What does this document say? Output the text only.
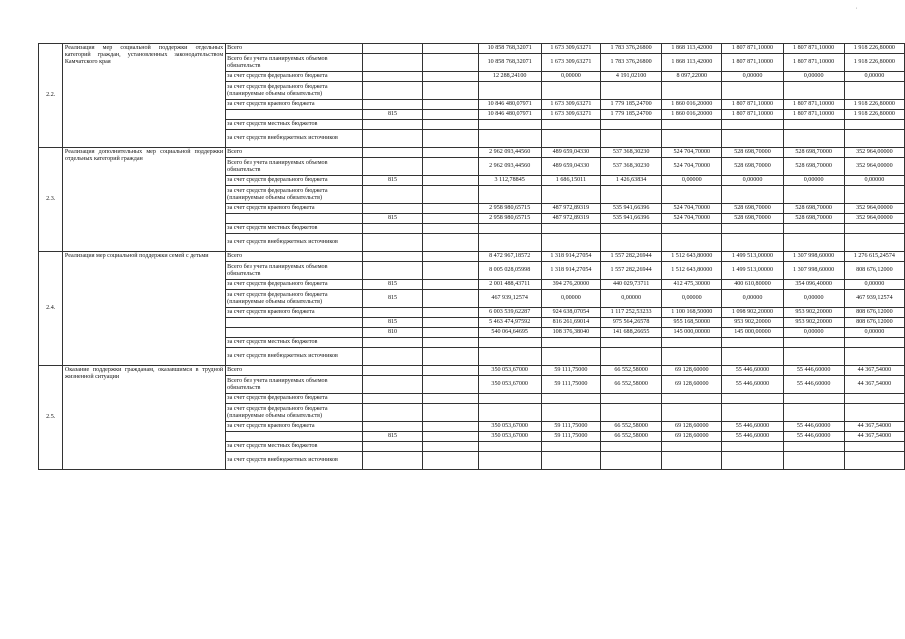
'
2.2.	Реализация мер социальной поддержки отдельных категорий граждан, установленных законодательством Камчатского края	Всего			10 858 768,32071	1 673 309,63271	1 783 376,26800	1 868 113,42000	1 807 871,10000	1 807 871,10000	1 918 226,80000
		Всего без учета планируемых объемов обязательств			10 858 768,32071	1 673 309,63271	1 783 376,26800	1 868 113,42000	1 807 871,10000	1 807 871,10000	1 918 226,80000
		за счет средств федерального бюджета			12 288,24100	0,00000	4 191,02100	8 097,22000	0,00000	0,00000	0,00000
		за счет средств федерального бюджета (планируемые объемы обязательств)									
		за счет средств краевого бюджета			10 846 480,07971	1 673 309,63271	1 779 185,24700	1 860 016,20000	1 807 871,10000	1 807 871,10000	1 918 226,80000
			815		10 846 480,07971	1 673 309,63271	1 779 185,24700	1 860 016,20000	1 807 871,10000	1 807 871,10000	1 918 226,80000
		за счет средств местных бюджетов									
		за счет средств внебюджетных источников									
2.3.	Реализация дополнительных мер социальной поддержки отдельных категорий граждан	Всего			2 962 093,44560	489 659,04330	537 368,30230	524 704,70000	528 698,70000	528 698,70000	352 964,00000
		Всего без учета планируемых объемов обязательств			2 962 093,44560	489 659,04330	537 368,30230	524 704,70000	528 698,70000	528 698,70000	352 964,00000
		за счет средств федерального бюджета	815		3 112,78845	1 686,15011	1 426,63834	0,00000	0,00000	0,00000	0,00000
		за счет средств федерального бюджета (планируемые объемы обязательств)									
		за счет средств краевого бюджета			2 958 980,65715	487 972,89319	535 941,66396	524 704,70000	528 698,70000	528 698,70000	352 964,00000
			815		2 958 980,65715	487 972,89319	535 941,66396	524 704,70000	528 698,70000	528 698,70000	352 964,00000
		за счет средств местных бюджетов									
		за счет средств внебюджетных источников									
2.4.	Реализация мер социальной поддержки семей с детьми	Всего			8 472 967,18572	1 318 914,27054	1 557 282,26944	1 512 643,80000	1 499 513,00000	1 307 998,60000	1 276 615,24574
		Всего без учета планируемых объемов обязательств			8 005 028,05998	1 318 914,27054	1 557 282,26944	1 512 643,80000	1 499 513,00000	1 307 998,60000	808 676,12000
		за счет средств федерального бюджета	815		2 001 488,43711	394 276,20000	440 029,73711	412 475,30000	400 610,80000	354 096,40000	0,00000
		за счет средств федерального бюджета (планируемые объемы обязательств)	815		467 939,12574	0,00000	0,00000	0,00000	0,00000	0,00000	467 939,12574
		за счет средств краевого бюджета			6 003 539,62287	924 638,07054	1 117 252,53233	1 100 168,50000	1 098 902,20000	953 902,20000	808 676,12000
			815		5 463 474,97592	816 261,69014	975 564,26578	955 168,50000	953 902,20000	953 902,20000	808 676,12000
			810		540 064,64695	108 376,38040	141 688,26655	145 000,00000	145 000,00000	0,00000	0,00000
		за счет средств местных бюджетов									
		за счет средств внебюджетных источников									
2.5.	Оказание поддержки гражданам, оказавшимся в трудной жизненной ситуации	Всего			350 053,67000	59 111,75000	66 552,58000	69 128,60000	55 446,60000	55 446,60000	44 367,54000
		Всего без учета планируемых объемов обязательств			350 053,67000	59 111,75000	66 552,58000	69 128,60000	55 446,60000	55 446,60000	44 367,54000
		за счет средств федерального бюджета									
		за счет средств федерального бюджета (планируемые объемы обязательств)									
		за счет средств краевого бюджета			350 053,67000	59 111,75000	66 552,58000	69 128,60000	55 446,60000	55 446,60000	44 367,54000
			815		350 053,67000	59 111,75000	66 552,58000	69 128,60000	55 446,60000	55 446,60000	44 367,54000
		за счет средств местных бюджетов									
		за счет средств внебюджетных источников									
